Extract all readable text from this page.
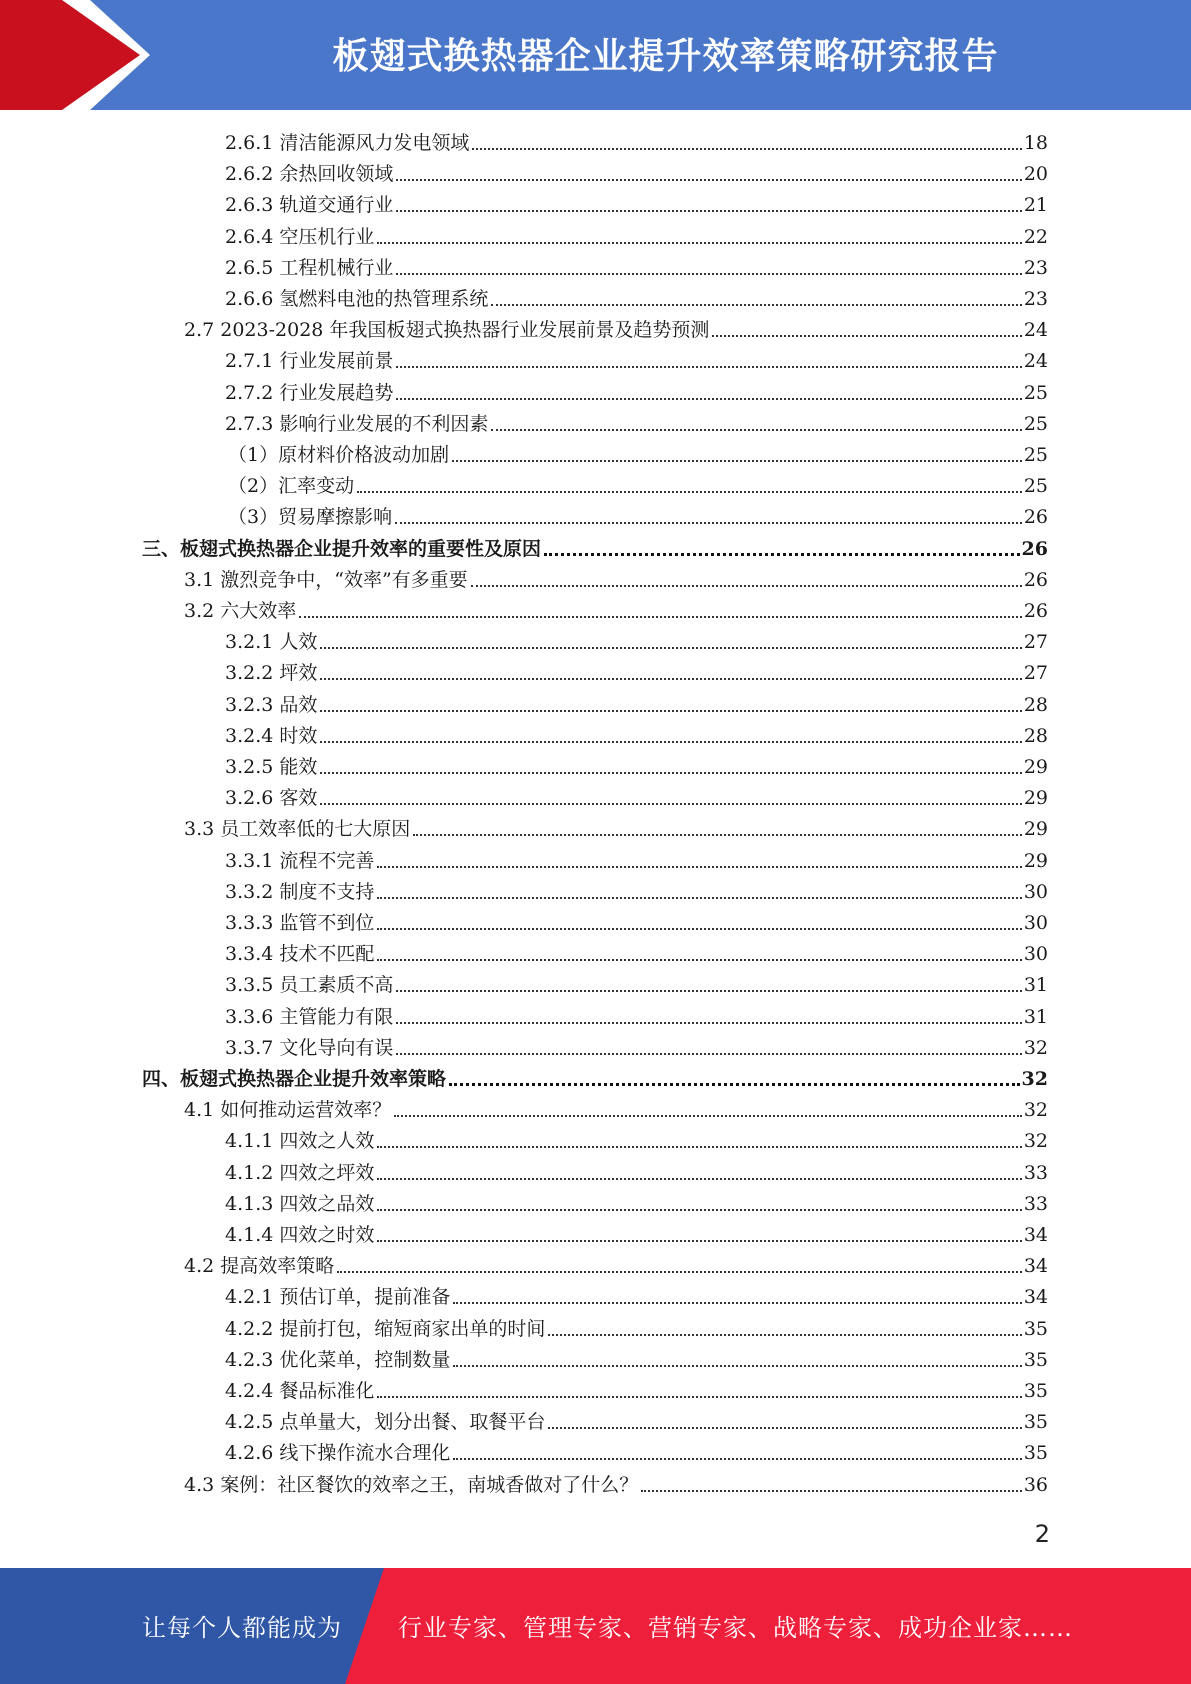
板翅式换热器企业提升效率策略研究报告
2.6.1 清洁能源风力发电领域	18
2.6.2 余热回收领域	20
2.6.3 轨道交通行业	21
2.6.4 空压机行业	22
2.6.5 工程机械行业	23
2.6.6 氢燃料电池的热管理系统	23
2.7 2023-2028 年我国板翅式换热器行业发展前景及趋势预测	24
2.7.1 行业发展前景	24
2.7.2 行业发展趋势	25
2.7.3 影响行业发展的不利因素	25
（1）原材料价格波动加剧	25
（2）汇率变动	25
（3）贸易摩擦影响	26
三、板翅式换热器企业提升效率的重要性及原因	26
3.1 激烈竞争中，“效率”有多重要	26
3.2 六大效率	26
3.2.1 人效	27
3.2.2 坪效	27
3.2.3 品效	28
3.2.4 时效	28
3.2.5 能效	29
3.2.6 客效	29
3.3 员工效率低的七大原因	29
3.3.1 流程不完善	29
3.3.2 制度不支持	30
3.3.3 监管不到位	30
3.3.4 技术不匹配	30
3.3.5 员工素质不高	31
3.3.6 主管能力有限	31
3.3.7 文化导向有误	32
四、板翅式换热器企业提升效率策略	32
4.1 如何推动运营效率？	32
4.1.1 四效之人效	32
4.1.2 四效之坪效	33
4.1.3 四效之品效	33
4.1.4 四效之时效	34
4.2 提高效率策略	34
4.2.1 预估订单，提前准备	34
4.2.2 提前打包，缩短商家出单的时间	35
4.2.3 优化菜单，控制数量	35
4.2.4 餐品标准化	35
4.2.5 点单量大，划分出餐、取餐平台	35
4.2.6 线下操作流水合理化	35
4.3 案例：社区餐饮的效率之王，南城香做对了什么？	36
2
让每个人都能成为 行业专家、管理专家、营销专家、战略专家、成功企业家……
